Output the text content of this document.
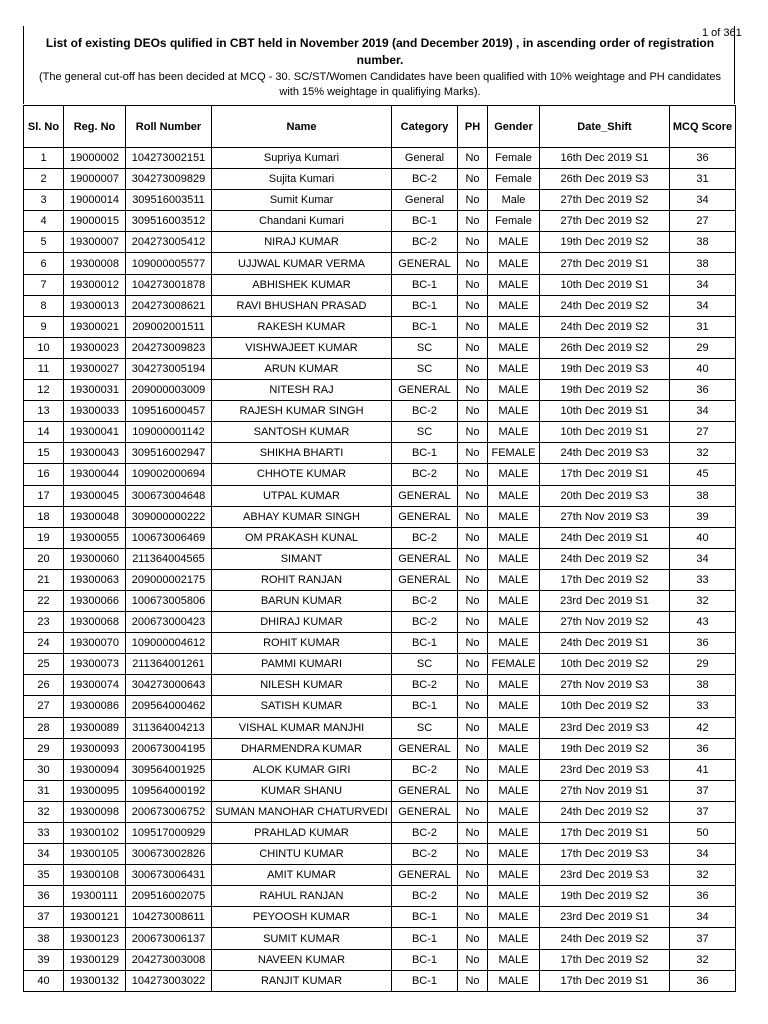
1 of 361
List of existing DEOs qulified in CBT held in November 2019 (and December 2019) , in ascending order of registration number.
(The general cut-off has been decided at MCQ - 30. SC/ST/Women Candidates have been qualified with 10% weightage and PH candidates with 15% weightage in qualifiying Marks).
Sl. No	Reg. No	Roll Number	Name	Category	PH	Gender	Date_Shift	MCQ Score
1	19000002	104273002151	Supriya Kumari	General	No	Female	16th Dec 2019 S1	36
2	19000007	304273009829	Sujita Kumari	BC-2	No	Female	26th Dec 2019 S3	31
3	19000014	309516003511	Sumit Kumar	General	No	Male	27th Dec 2019 S2	34
4	19000015	309516003512	Chandani Kumari	BC-1	No	Female	27th Dec 2019 S2	27
5	19300007	204273005412	NIRAJ KUMAR	BC-2	No	MALE	19th Dec 2019 S2	38
6	19300008	109000005577	UJJWAL KUMAR VERMA	GENERAL	No	MALE	27th Dec 2019 S1	38
7	19300012	104273001878	ABHISHEK KUMAR	BC-1	No	MALE	10th Dec 2019 S1	34
8	19300013	204273008621	RAVI BHUSHAN PRASAD	BC-1	No	MALE	24th Dec 2019 S2	34
9	19300021	209002001511	RAKESH KUMAR	BC-1	No	MALE	24th Dec 2019 S2	31
10	19300023	204273009823	VISHWAJEET KUMAR	SC	No	MALE	26th Dec 2019 S2	29
11	19300027	304273005194	ARUN KUMAR	SC	No	MALE	19th Dec 2019 S3	40
12	19300031	209000003009	NITESH RAJ	GENERAL	No	MALE	19th Dec 2019 S2	36
13	19300033	109516000457	RAJESH KUMAR SINGH	BC-2	No	MALE	10th Dec 2019 S1	34
14	19300041	109000001142	SANTOSH KUMAR	SC	No	MALE	10th Dec 2019 S1	27
15	19300043	309516002947	SHIKHA BHARTI	BC-1	No	FEMALE	24th Dec 2019 S3	32
16	19300044	109002000694	CHHOTE KUMAR	BC-2	No	MALE	17th Dec 2019 S1	45
17	19300045	300673004648	UTPAL KUMAR	GENERAL	No	MALE	20th Dec 2019 S3	38
18	19300048	309000000222	ABHAY KUMAR SINGH	GENERAL	No	MALE	27th Nov 2019 S3	39
19	19300055	100673006469	OM PRAKASH KUNAL	BC-2	No	MALE	24th Dec 2019 S1	40
20	19300060	211364004565	SIMANT	GENERAL	No	MALE	24th Dec 2019 S2	34
21	19300063	209000002175	ROHIT RANJAN	GENERAL	No	MALE	17th Dec 2019 S2	33
22	19300066	100673005806	BARUN KUMAR	BC-2	No	MALE	23rd Dec 2019 S1	32
23	19300068	200673000423	DHIRAJ KUMAR	BC-2	No	MALE	27th Nov 2019 S2	43
24	19300070	109000004612	ROHIT KUMAR	BC-1	No	MALE	24th Dec 2019 S1	36
25	19300073	211364001261	PAMMI KUMARI	SC	No	FEMALE	10th Dec 2019 S2	29
26	19300074	304273000643	NILESH KUMAR	BC-2	No	MALE	27th Nov 2019 S3	38
27	19300086	209564000462	SATISH KUMAR	BC-1	No	MALE	10th Dec 2019 S2	33
28	19300089	311364004213	VISHAL KUMAR MANJHI	SC	No	MALE	23rd Dec 2019 S3	42
29	19300093	200673004195	DHARMENDRA KUMAR	GENERAL	No	MALE	19th Dec 2019 S2	36
30	19300094	309564001925	ALOK KUMAR GIRI	BC-2	No	MALE	23rd Dec 2019 S3	41
31	19300095	109564000192	KUMAR SHANU	GENERAL	No	MALE	27th Nov 2019 S1	37
32	19300098	200673006752	SUMAN MANOHAR CHATURVEDI	GENERAL	No	MALE	24th Dec 2019 S2	37
33	19300102	109517000929	PRAHLAD KUMAR	BC-2	No	MALE	17th Dec 2019 S1	50
34	19300105	300673002826	CHINTU KUMAR	BC-2	No	MALE	17th Dec 2019 S3	34
35	19300108	300673006431	AMIT KUMAR	GENERAL	No	MALE	23rd Dec 2019 S3	32
36	19300111	209516002075	RAHUL RANJAN	BC-2	No	MALE	19th Dec 2019 S2	36
37	19300121	104273008611	PEYOOSH KUMAR	BC-1	No	MALE	23rd Dec 2019 S1	34
38	19300123	200673006137	SUMIT KUMAR	BC-1	No	MALE	24th Dec 2019 S2	37
39	19300129	204273003008	NAVEEN KUMAR	BC-1	No	MALE	17th Dec 2019 S2	32
40	19300132	104273003022	RANJIT KUMAR	BC-1	No	MALE	17th Dec 2019 S1	36
